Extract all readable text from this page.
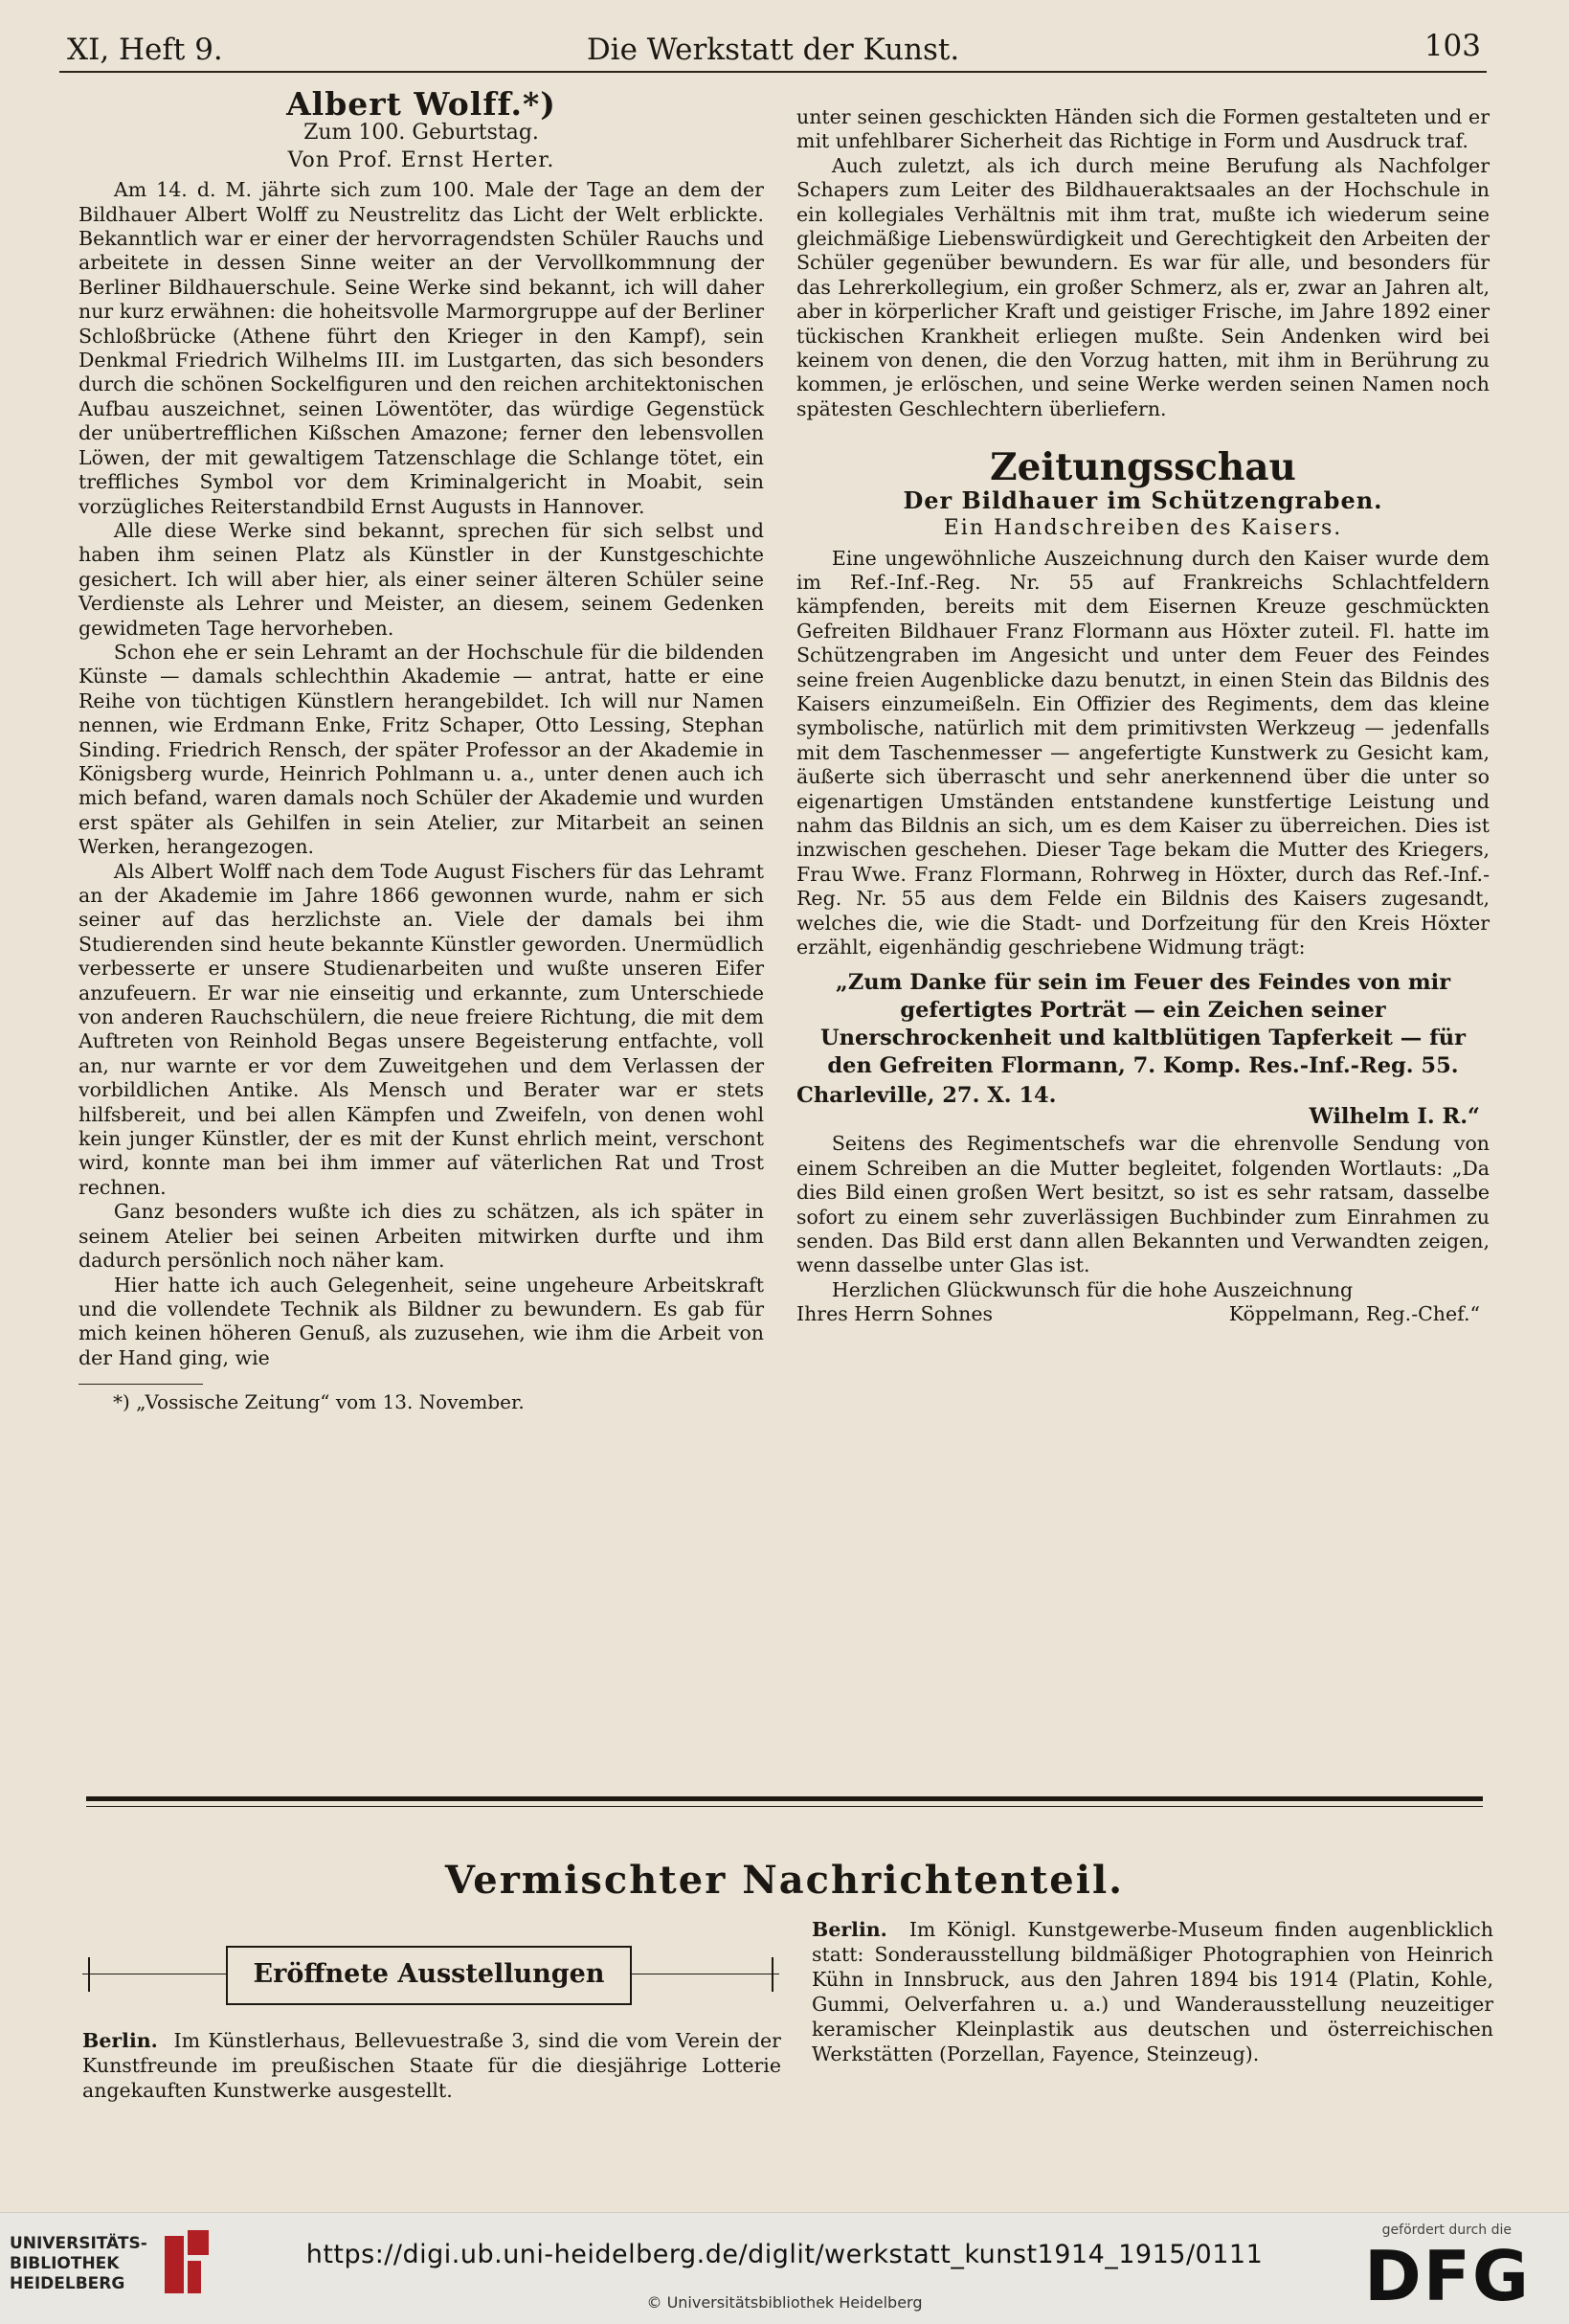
XI, Heft 9.	Die Werkstatt der Kunst.	103
Albert Wolff.*)
Zum 100. Geburtstag.
Von Prof. Ernst Herter.

Am 14. d. M. jährte sich zum 100. Male der Tage an dem der Bildhauer Albert Wolff zu Neustrelitz das Licht der Welt erblickte. Bekanntlich war er einer der hervorragendsten Schüler Rauchs und arbeitete in dessen Sinne weiter an der Vervollkommnung der Berliner Bildhauerschule. Seine Werke sind bekannt, ich will daher nur kurz erwähnen: die hoheitsvolle Marmorgruppe auf der Berliner Schloßbrücke (Athene führt den Krieger in den Kampf), sein Denkmal Friedrich Wilhelms III. im Lustgarten, das sich besonders durch die schönen Sockelfiguren und den reichen architektonischen Aufbau auszeichnet, seinen Löwentöter, das würdige Gegenstück der unübertrefflichen Kißschen Amazone; ferner den lebensvollen Löwen, der mit gewaltigem Tatzenschlage die Schlange tötet, ein treffliches Symbol vor dem Kriminalgericht in Moabit, sein vorzügliches Reiterstandbild Ernst Augusts in Hannover.

Alle diese Werke sind bekannt, sprechen für sich selbst und haben ihm seinen Platz als Künstler in der Kunstgeschichte gesichert. Ich will aber hier, als einer seiner älteren Schüler seine Verdienste als Lehrer und Meister, an diesem, seinem Gedenken gewidmeten Tage hervorheben.

Schon ehe er sein Lehramt an der Hochschule für die bildenden Künste — damals schlechthin Akademie — antrat, hatte er eine Reihe von tüchtigen Künstlern herangebildet. Ich will nur Namen nennen, wie Erdmann Enke, Fritz Schaper, Otto Lessing, Stephan Sinding. Friedrich Rensch, der später Professor an der Akademie in Königsberg wurde, Heinrich Pohlmann u. a., unter denen auch ich mich befand, waren damals noch Schüler der Akademie und wurden erst später als Gehilfen in sein Atelier, zur Mitarbeit an seinen Werken, herangezogen.

Als Albert Wolff nach dem Tode August Fischers für das Lehramt an der Akademie im Jahre 1866 gewonnen wurde, nahm er sich seiner auf das herzlichste an. Viele der damals bei ihm Studierenden sind heute bekannte Künstler geworden. Unermüdlich verbesserte er unsere Studienarbeiten und wußte unseren Eifer anzufeuern. Er war nie einseitig und erkannte, zum Unterschiede von anderen Rauchschülern, die neue freiere Richtung, die mit dem Auftreten von Reinhold Begas unsere Begeisterung entfachte, voll an, nur warnte er vor dem Zuweitgehen und dem Verlassen der vorbildlichen Antike. Als Mensch und Berater war er stets hilfsbereit, und bei allen Kämpfen und Zweifeln, von denen wohl kein junger Künstler, der es mit der Kunst ehrlich meint, verschont wird, konnte man bei ihm immer auf väterlichen Rat und Trost rechnen.

Ganz besonders wußte ich dies zu schätzen, als ich später in seinem Atelier bei seinen Arbeiten mitwirken durfte und ihm dadurch persönlich noch näher kam.

Hier hatte ich auch Gelegenheit, seine ungeheure Arbeitskraft und die vollendete Technik als Bildner zu bewundern. Es gab für mich keinen höheren Genuß, als zuzusehen, wie ihm die Arbeit von der Hand ging, wie

*) „Vossische Zeitung“ vom 13. November.

unter seinen geschickten Händen sich die Formen gestalteten und er mit unfehlbarer Sicherheit das Richtige in Form und Ausdruck traf.

Auch zuletzt, als ich durch meine Berufung als Nachfolger Schapers zum Leiter des Bildhaueraktsaales an der Hochschule in ein kollegiales Verhältnis mit ihm trat, mußte ich wiederum seine gleichmäßige Liebenswürdigkeit und Gerechtigkeit den Arbeiten der Schüler gegenüber bewundern. Es war für alle, und besonders für das Lehrerkollegium, ein großer Schmerz, als er, zwar an Jahren alt, aber in körperlicher Kraft und geistiger Frische, im Jahre 1892 einer tückischen Krankheit erliegen mußte. Sein Andenken wird bei keinem von denen, die den Vorzug hatten, mit ihm in Berührung zu kommen, je erlöschen, und seine Werke werden seinen Namen noch spätesten Geschlechtern überliefern.

Zeitungsschau
Der Bildhauer im Schützengraben.
Ein Handschreiben des Kaisers.

Eine ungewöhnliche Auszeichnung durch den Kaiser wurde dem im Ref.-Inf.-Reg. Nr. 55 auf Frankreichs Schlachtfeldern kämpfenden, bereits mit dem Eisernen Kreuze geschmückten Gefreiten Bildhauer Franz Flormann aus Höxter zuteil. Fl. hatte im Schützengraben im Angesicht und unter dem Feuer des Feindes seine freien Augenblicke dazu benutzt, in einen Stein das Bildnis des Kaisers einzumeißeln. Ein Offizier des Regiments, dem das kleine symbolische, natürlich mit dem primitivsten Werkzeug — jedenfalls mit dem Taschenmesser — angefertigte Kunstwerk zu Gesicht kam, äußerte sich überrascht und sehr anerkennend über die unter so eigenartigen Umständen entstandene kunstfertige Leistung und nahm das Bildnis an sich, um es dem Kaiser zu überreichen. Dies ist inzwischen geschehen. Dieser Tage bekam die Mutter des Kriegers, Frau Wwe. Franz Flormann, Rohrweg in Höxter, durch das Ref.-Inf.-Reg. Nr. 55 aus dem Felde ein Bildnis des Kaisers zugesandt, welches die, wie die Stadt- und Dorfzeitung für den Kreis Höxter erzählt, eigenhändig geschriebene Widmung trägt:

„Zum Danke für sein im Feuer des Feindes von mir gefertigtes Porträt — ein Zeichen seiner Unerschrockenheit und kaltblütigen Tapferkeit — für den Gefreiten Flormann, 7. Komp. Res.-Inf.-Reg. 55.
Charleville, 27. X. 14.
Wilhelm I. R.“

Seitens des Regimentschefs war die ehrenvolle Sendung von einem Schreiben an die Mutter begleitet, folgenden Wortlauts: „Da dies Bild einen großen Wert besitzt, so ist es sehr ratsam, dasselbe sofort zu einem sehr zuverlässigen Buchbinder zum Einrahmen zu senden. Das Bild erst dann allen Bekannten und Verwandten zeigen, wenn dasselbe unter Glas ist.

Herzlichen Glückwunsch für die hohe Auszeichnung

Ihres Herrn Sohnes	Köppelmann, Reg.-Chef.“
Vermischter Nachrichtenteil.
Eröffnete Ausstellungen

Berlin. Im Künstlerhaus, Bellevuestraße 3, sind die vom Verein der Kunstfreunde im preußischen Staate für die diesjährige Lotterie angekauften Kunstwerke ausgestellt.

Berlin. Im Königl. Kunstgewerbe-Museum finden augenblicklich statt: Sonderausstellung bildmäßiger Photographien von Heinrich Kühn in Innsbruck, aus den Jahren 1894 bis 1914 (Platin, Kohle, Gummi, Oelverfahren u. a.) und Wanderausstellung neuzeitiger keramischer Kleinplastik aus deutschen und österreichischen Werkstätten (Porzellan, Fayence, Steinzeug).

UNIVERSITÄTS-
BIBLIOTHEK
HEIDELBERG
https://digi.ub.uni-heidelberg.de/diglit/werkstatt_kunst1914_1915/0111
© Universitätsbibliothek Heidelberg
gefördert durch die
DFG
